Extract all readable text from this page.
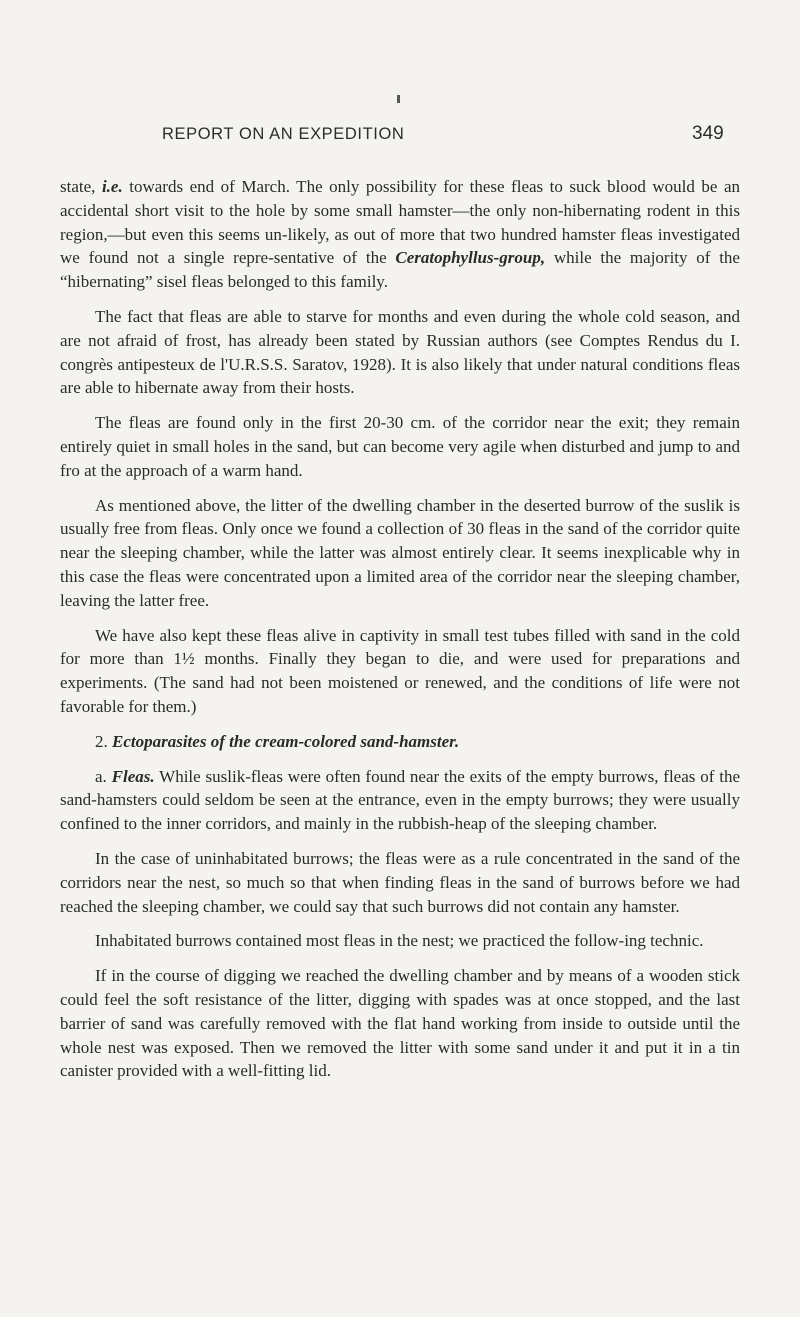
REPORT ON AN EXPEDITION	349

state, i.e. towards end of March. The only possibility for these fleas to suck blood would be an accidental short visit to the hole by some small hamster—the only non-hibernating rodent in this region,—but even this seems un-likely, as out of more that two hundred hamster fleas investigated we found not a single repre-sentative of the Ceratophyllus-group, while the majority of the “hibernating” sisel fleas belonged to this family.

The fact that fleas are able to starve for months and even during the whole cold season, and are not afraid of frost, has already been stated by Russian authors (see Comptes Rendus du I. congrès antipesteux de l'U.R.S.S. Saratov, 1928). It is also likely that under natural conditions fleas are able to hibernate away from their hosts.

The fleas are found only in the first 20-30 cm. of the corridor near the exit; they remain entirely quiet in small holes in the sand, but can become very agile when disturbed and jump to and fro at the approach of a warm hand.

As mentioned above, the litter of the dwelling chamber in the deserted burrow of the suslik is usually free from fleas. Only once we found a collection of 30 fleas in the sand of the corridor quite near the sleeping chamber, while the latter was almost entirely clear. It seems inexplicable why in this case the fleas were concentrated upon a limited area of the corridor near the sleeping chamber, leaving the latter free.

We have also kept these fleas alive in captivity in small test tubes filled with sand in the cold for more than 1½ months. Finally they began to die, and were used for preparations and experiments. (The sand had not been moistened or renewed, and the conditions of life were not favorable for them.)

2. Ectoparasites of the cream-colored sand-hamster.

a. Fleas. While suslik-fleas were often found near the exits of the empty burrows, fleas of the sand-hamsters could seldom be seen at the entrance, even in the empty burrows; they were usually confined to the inner corridors, and mainly in the rubbish-heap of the sleeping chamber.

In the case of uninhabitated burrows; the fleas were as a rule concentrated in the sand of the corridors near the nest, so much so that when finding fleas in the sand of burrows before we had reached the sleeping chamber, we could say that such burrows did not contain any hamster.

Inhabitated burrows contained most fleas in the nest; we practiced the follow-ing technic.

If in the course of digging we reached the dwelling chamber and by means of a wooden stick could feel the soft resistance of the litter, digging with spades was at once stopped, and the last barrier of sand was carefully removed with the flat hand working from inside to outside until the whole nest was exposed. Then we removed the litter with some sand under it and put it in a tin canister provided with a well-fitting lid.
